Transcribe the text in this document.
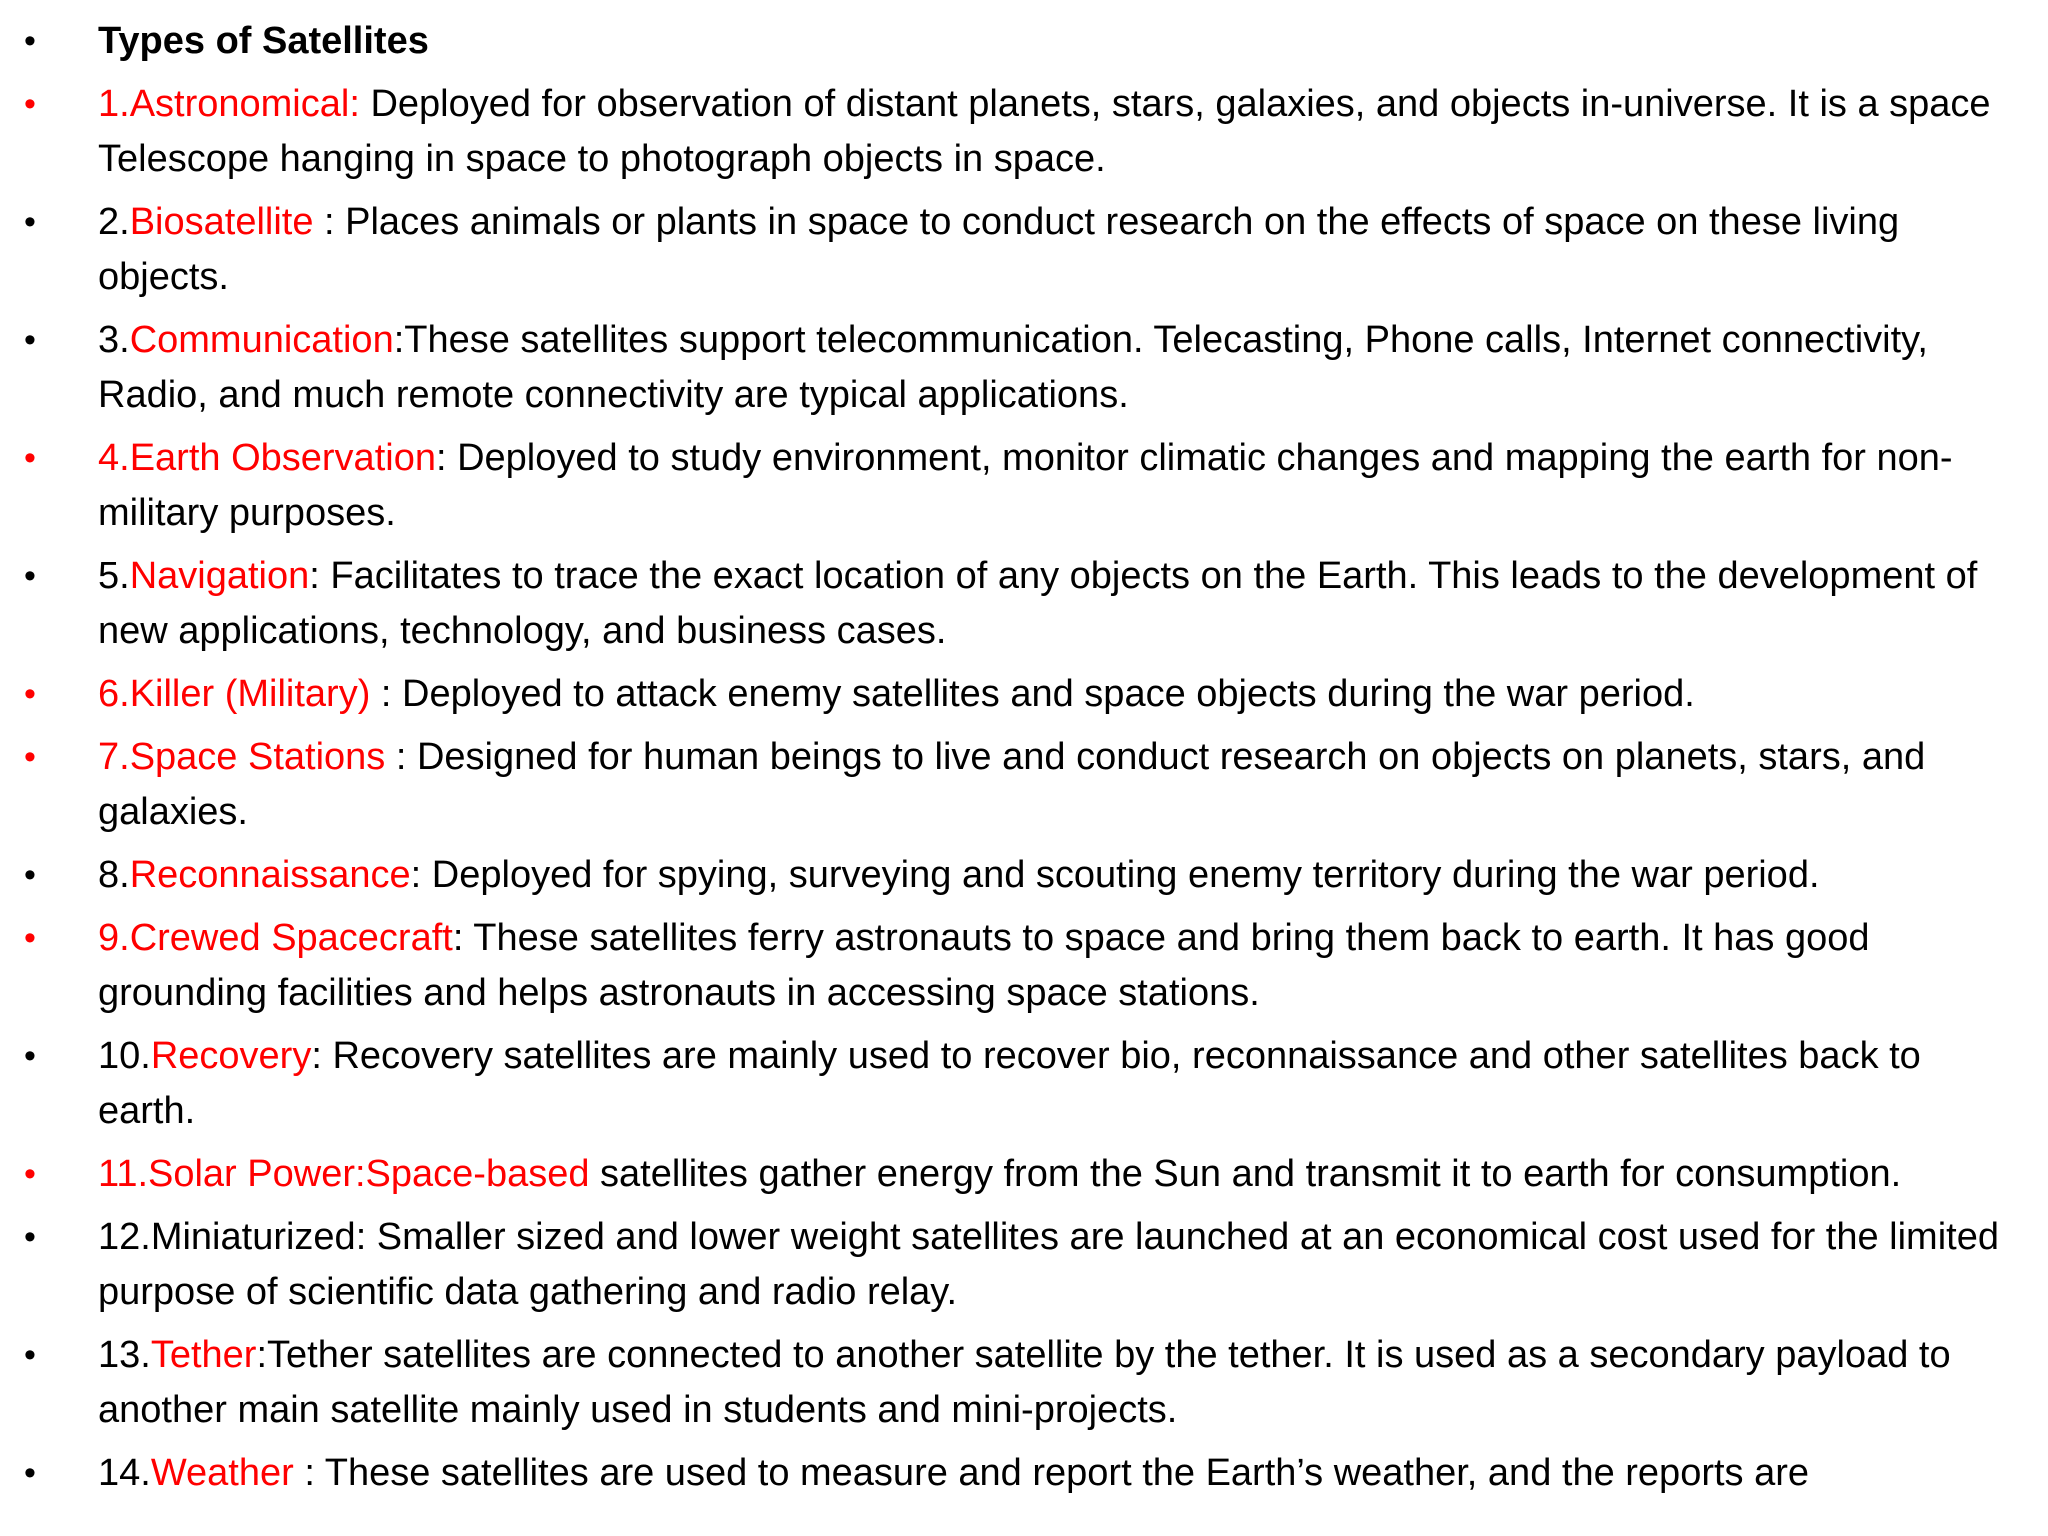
• Types of Satellites
• 1.Astronomical: Deployed for observation of distant planets, stars, galaxies, and objects in-universe. It is a space Telescope hanging in space to photograph objects in space.
• 2.Biosatellite : Places animals or plants in space to conduct research on the effects of space on these living objects.
• 3.Communication:These satellites support telecommunication. Telecasting, Phone calls, Internet connectivity, Radio, and much remote connectivity are typical applications.
• 4.Earth Observation: Deployed to study environment, monitor climatic changes and mapping the earth for non-military purposes.
• 5.Navigation: Facilitates to trace the exact location of any objects on the Earth. This leads to the development of new applications, technology, and business cases.
• 6.Killer (Military) : Deployed to attack enemy satellites and space objects during the war period.
• 7.Space Stations : Designed for human beings to live and conduct research on objects on planets, stars, and galaxies.
• 8.Reconnaissance: Deployed for spying, surveying and scouting enemy territory during the war period.
• 9.Crewed Spacecraft: These satellites ferry astronauts to space and bring them back to earth. It has good grounding facilities and helps astronauts in accessing space stations.
• 10.Recovery: Recovery satellites are mainly used to recover bio, reconnaissance and other satellites back to earth.
• 11.Solar Power:Space-based satellites gather energy from the Sun and transmit it to earth for consumption.
• 12.Miniaturized: Smaller sized and lower weight satellites are launched at an economical cost used for the limited purpose of scientific data gathering and radio relay.
• 13.Tether:Tether satellites are connected to another satellite by the tether. It is used as a secondary payload to another main satellite mainly used in students and mini-projects.
• 14.Weather : These satellites are used to measure and report the Earth’s weather, and the reports are
